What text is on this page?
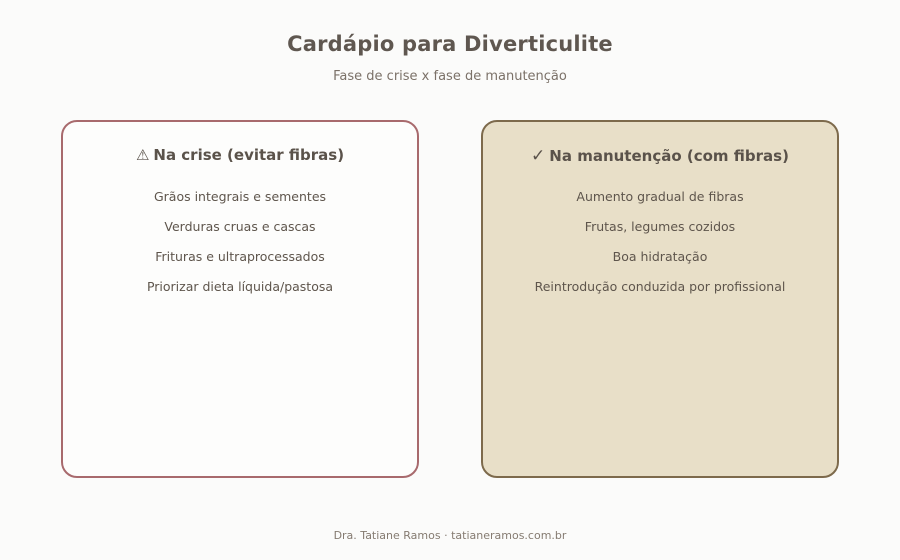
Cardápio para Diverticulite
Fase de crise x fase de manutenção
⚠ Na crise (evitar fibras)
Grãos integrais e sementes
Verduras cruas e cascas
Frituras e ultraprocessados
Priorizar dieta líquida/pastosa
✓ Na manutenção (com fibras)
Aumento gradual de fibras
Frutas, legumes cozidos
Boa hidratação
Reintrodução conduzida por profissional
Dra. Tatiane Ramos · tatianeramos.com.br
